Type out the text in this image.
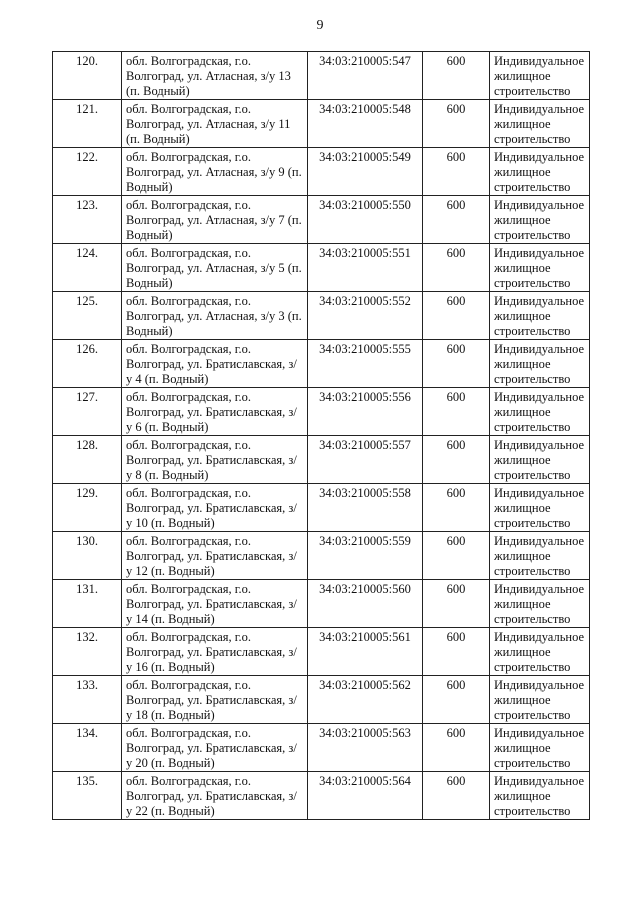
9
120.	обл. Волгоградская, г.о. Волгоград, ул. Атласная, з/у 13 (п. Водный)	34:03:210005:547	600	Индивидуальное жилищное строительство
121.	обл. Волгоградская, г.о. Волгоград, ул. Атласная, з/у 11 (п. Водный)	34:03:210005:548	600	Индивидуальное жилищное строительство
122.	обл. Волгоградская, г.о. Волгоград, ул. Атласная, з/у 9 (п. Водный)	34:03:210005:549	600	Индивидуальное жилищное строительство
123.	обл. Волгоградская, г.о. Волгоград, ул. Атласная, з/у 7 (п. Водный)	34:03:210005:550	600	Индивидуальное жилищное строительство
124.	обл. Волгоградская, г.о. Волгоград, ул. Атласная, з/у 5 (п. Водный)	34:03:210005:551	600	Индивидуальное жилищное строительство
125.	обл. Волгоградская, г.о. Волгоград, ул. Атласная, з/у 3 (п. Водный)	34:03:210005:552	600	Индивидуальное жилищное строительство
126.	обл. Волгоградская, г.о. Волгоград, ул. Братиславская, з/у 4 (п. Водный)	34:03:210005:555	600	Индивидуальное жилищное строительство
127.	обл. Волгоградская, г.о. Волгоград, ул. Братиславская, з/у 6 (п. Водный)	34:03:210005:556	600	Индивидуальное жилищное строительство
128.	обл. Волгоградская, г.о. Волгоград, ул. Братиславская, з/у 8 (п. Водный)	34:03:210005:557	600	Индивидуальное жилищное строительство
129.	обл. Волгоградская, г.о. Волгоград, ул. Братиславская, з/у 10 (п. Водный)	34:03:210005:558	600	Индивидуальное жилищное строительство
130.	обл. Волгоградская, г.о. Волгоград, ул. Братиславская, з/у 12 (п. Водный)	34:03:210005:559	600	Индивидуальное жилищное строительство
131.	обл. Волгоградская, г.о. Волгоград, ул. Братиславская, з/у 14 (п. Водный)	34:03:210005:560	600	Индивидуальное жилищное строительство
132.	обл. Волгоградская, г.о. Волгоград, ул. Братиславская, з/у 16 (п. Водный)	34:03:210005:561	600	Индивидуальное жилищное строительство
133.	обл. Волгоградская, г.о. Волгоград, ул. Братиславская, з/у 18 (п. Водный)	34:03:210005:562	600	Индивидуальное жилищное строительство
134.	обл. Волгоградская, г.о. Волгоград, ул. Братиславская, з/у 20 (п. Водный)	34:03:210005:563	600	Индивидуальное жилищное строительство
135.	обл. Волгоградская, г.о. Волгоград, ул. Братиславская, з/у 22 (п. Водный)	34:03:210005:564	600	Индивидуальное жилищное строительство
